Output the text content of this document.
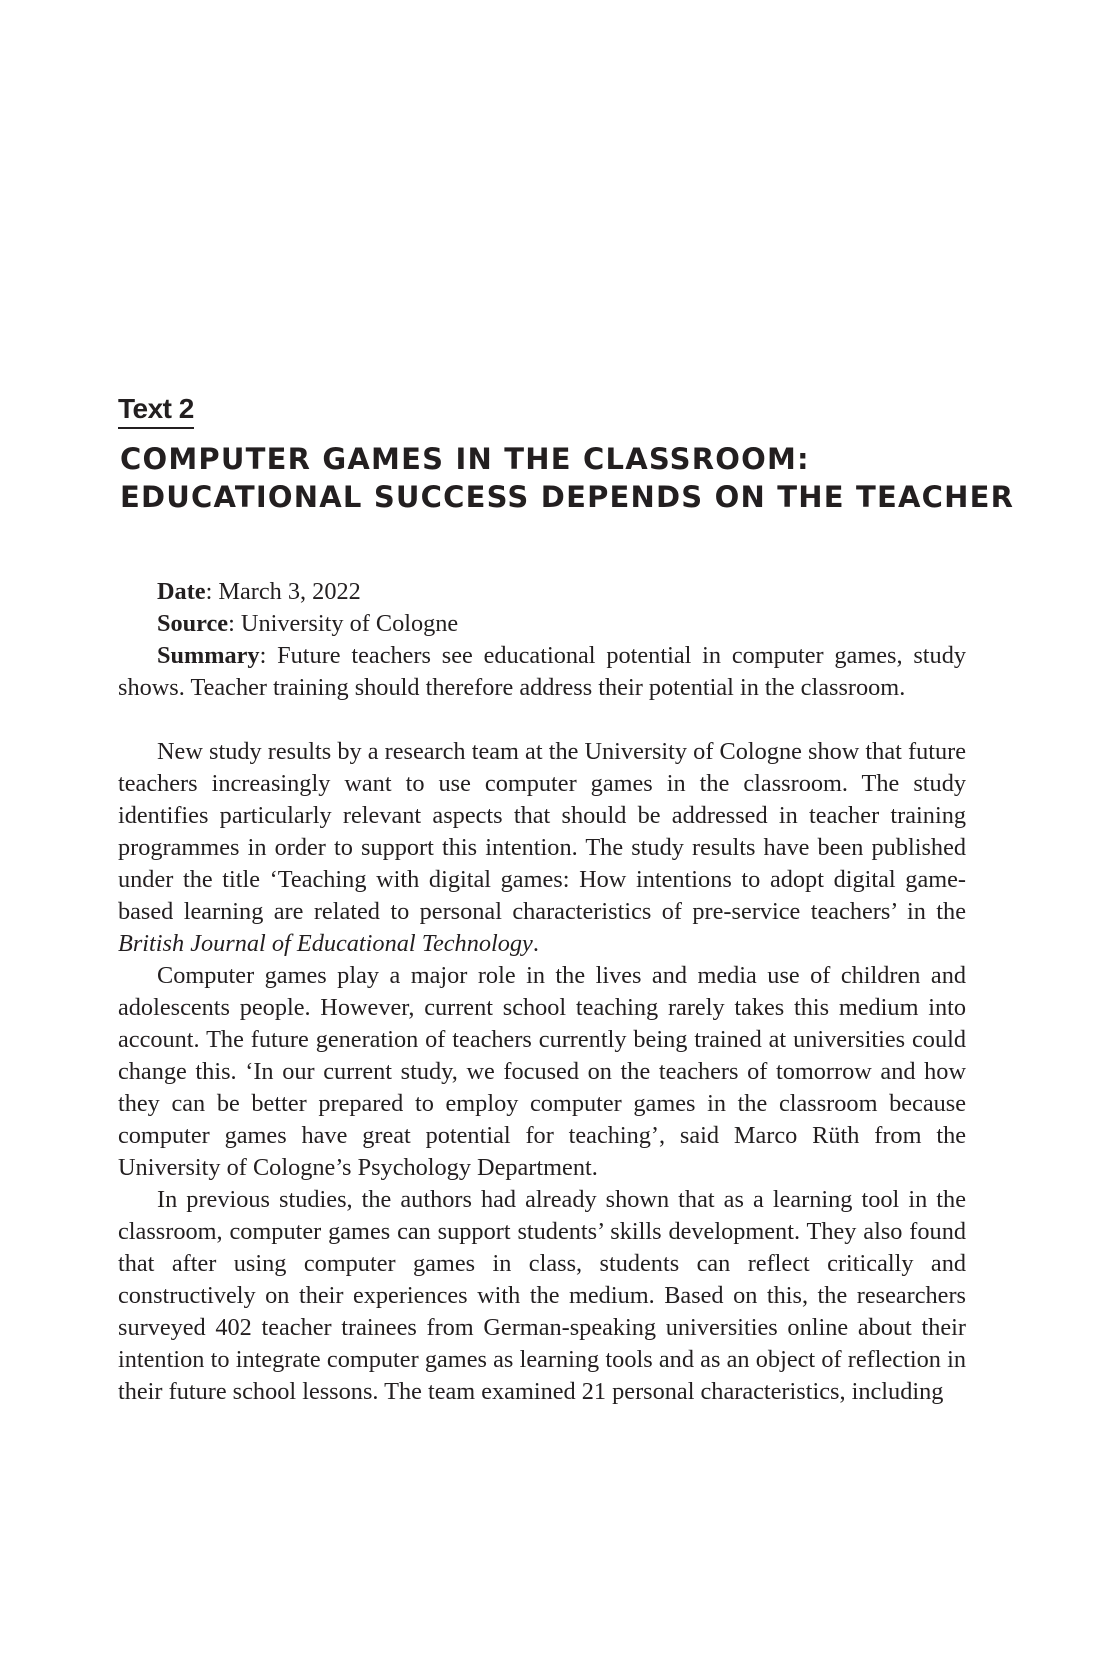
Text 2
COMPUTER GAMES IN THE CLASSROOM:
EDUCATIONAL SUCCESS DEPENDS ON THE TEACHER

Date: March 3, 2022

Source: University of Cologne

Summary: Future teachers see educational potential in computer games, study shows. Teacher training should therefore address their potential in the classroom.

New study results by a research team at the University of Cologne show that future teachers increasingly want to use computer games in the classroom. The study identifies particularly relevant aspects that should be addressed in teacher training programmes in order to support this intention. The study results have been published under the title ‘Teaching with digital games: How intentions to adopt digital game-based learning are related to personal characteristics of pre-service teachers’ in the British Journal of Educational Technology.

Computer games play a major role in the lives and media use of children and adolescents people. However, current school teaching rarely takes this medium into account. The future generation of teachers currently being trained at universities could change this. ‘In our current study, we focused on the teachers of tomorrow and how they can be better prepared to employ computer games in the classroom because computer games have great potential for teaching’, said Marco Rüth from the University of Cologne’s Psychology Department.

In previous studies, the authors had already shown that as a learning tool in the classroom, computer games can support students’ skills development. They also found that after using computer games in class, students can reflect critically and constructively on their experiences with the medium. Based on this, the researchers surveyed 402 teacher trainees from German-speaking universities online about their intention to integrate computer games as learning tools and as an object of reflection in their future school lessons. The team examined 21 personal characteristics, including
